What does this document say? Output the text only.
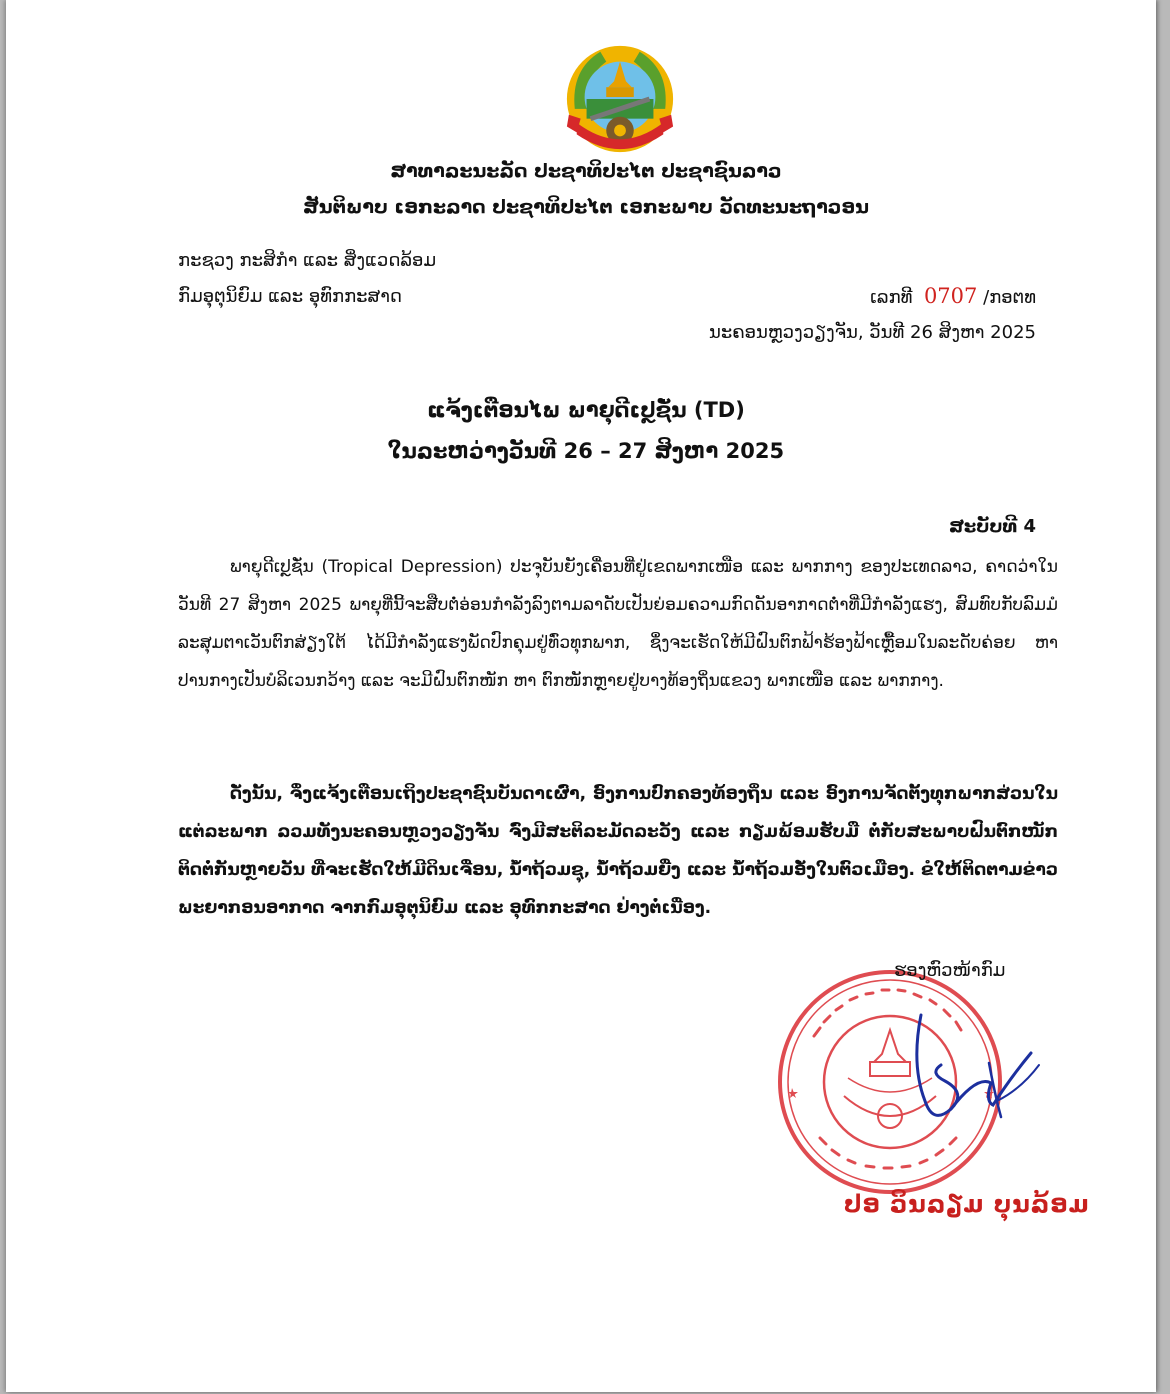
ສາທາລະນະລັດ ປະຊາທິປະໄຕ ປະຊາຊົນລາວ
ສັນຕິພາບ ເອກະລາດ ປະຊາທິປະໄຕ ເອກະພາບ ວັດທະນະຖາວອນ
ກະຊວງ ກະສິກຳ ແລະ ສິ່ງແວດລ້ອມ
ກົມອຸຕຸນິຍົມ ແລະ ອຸທົກກະສາດ	ເລກທີ 0707 /ກອຕທ
ນະຄອນຫຼວງວຽງຈັນ, ວັນທີ 26 ສິງຫາ 2025
ແຈ້ງເຕືອນໄພ ພາຍຸດີເປຼຊັ່ນ (TD)
ໃນລະຫວ່າງວັນທີ 26 – 27 ສິງຫາ 2025
ສະບັບທີ 4
ພາຍຸດີເປຼຊັ່ນ (Tropical Depression) ປະຈຸບັນຍັງເຄື່ອນທີ່ຢູ່ເຂດພາກເໜືອ ແລະ ພາກກາງ ຂອງປະເທດລາວ, ຄາດວ່າໃນວັນທີ 27 ສິງຫາ 2025 ພາຍຸທີ່ນີ້ຈະສືບຕໍ່ອ່ອນກຳລັງລົງຕາມລາດັບເປັນຍ່ອມຄວາມກົດດັນອາກາດຕ່ຳທີ່ມີກຳລັງແຮງ, ສົມທົບກັບລົມມໍລະສຸມຕາເວັນຕົກສ່ຽງໃຕ້ ໄດ້ມີກຳລັງແຮງພັດປົກຄຸມຢູ່ທົ່ວທຸກພາກ, ຊຶ່ງຈະເຮັດໃຫ້ມີຝົນຕົກຟ້າຮ້ອງຟ້າເຫຼື້ອມໃນລະດັບຄ່ອຍ ຫາ ປານກາງເປັນບໍລິເວນກວ້າງ ແລະ ຈະມີຝົນຕົກໜັກ ຫາ ຕົກໜັກຫຼາຍຢູ່ບາງທ້ອງຖິ່ນແຂວງ ພາກເໜືອ ແລະ ພາກກາງ.
ດັ່ງນັ້ນ, ຈຶ່ງແຈ້ງເຕືອນເຖິງປະຊາຊົນບັນດາເຜົ່າ, ອົງການປົກຄອງທ້ອງຖິ່ນ ແລະ ອົງການຈັດຕັ້ງທຸກພາກສ່ວນໃນແຕ່ລະພາກ ລວມທັງນະຄອນຫຼວງວຽງຈັນ ຈົ່ງມີສະຕິລະມັດລະວັງ ແລະ ກຽມພ້ອມຮັບມື ຕໍ່ກັບສະພາບຝົນຕົກໜັກຕິດຕໍ່ກັນຫຼາຍວັນ ທີ່ຈະເຮັດໃຫ້ມີດິນເຈື່ອນ, ນ້ຳຖ້ວມຊຸ, ນ້ຳຖ້ວມຍື່ງ ແລະ ນ້ຳຖ້ວມອັ່ງໃນຕົວເມືອງ. ຂໍໃຫ້ຕິດຕາມຂ່າວພະຍາກອນອາກາດ ຈາກກົມອຸຕຸນິຍົມ ແລະ ອຸທົກກະສາດ ຢ່າງຕໍ່ເນື່ອງ.
ຮອງຫົວໜ້າກົມ
ປອ ວິນລຽມ ບຸນລ້ອມ
